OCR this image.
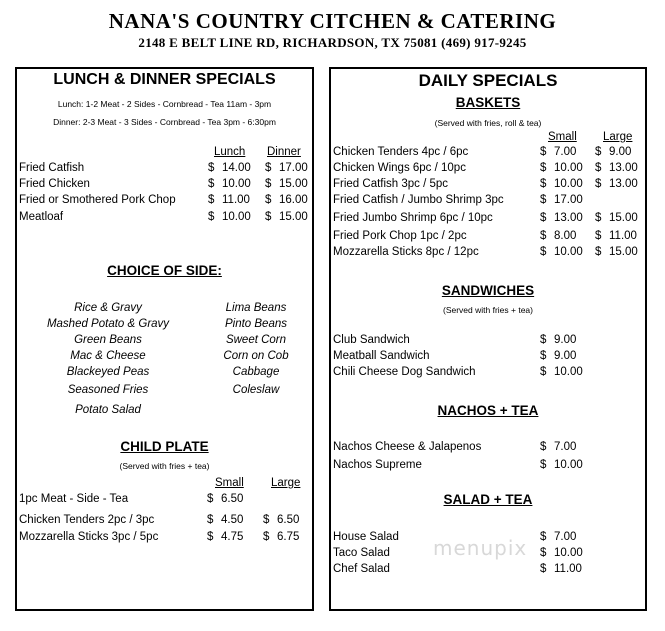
NANA'S COUNTRY CITCHEN & CATERING
2148 E BELT LINE RD, RICHARDSON, TX 75081 (469) 917-9245
LUNCH & DINNER SPECIALS
Lunch: 1-2 Meat - 2 Sides - Cornbread - Tea 11am - 3pm
Dinner: 2-3 Meat - 3 Sides - Cornbread - Tea 3pm - 6:30pm
Lunch Dinner
Fried Catfish	$ 14.00 $ 17.00
Fried Chicken	$ 10.00 $ 15.00
Fried or Smothered Pork Chop	$ 11.00 $ 16.00
Meatloaf	$ 10.00 $ 15.00
CHOICE OF SIDE:
Rice & Gravy
Mashed Potato & Gravy
Green Beans
Mac & Cheese
Blackeyed Peas
Seasoned Fries
Potato Salad
Lima Beans
Pinto Beans
Sweet Corn
Corn on Cob
Cabbage
Coleslaw
CHILD PLATE
(Served with fries + tea)
Small Large
1pc Meat - Side - Tea	$ 6.50
Chicken Tenders 2pc / 3pc	$ 4.50 $ 6.50
Mozzarella Sticks 3pc / 5pc	$ 4.75 $ 6.75
DAILY SPECIALS
BASKETS
(Served with fries, roll & tea)
Small Large
Chicken Tenders 4pc / 6pc	$ 7.00 $ 9.00
Chicken Wings 6pc / 10pc	$ 10.00 $ 13.00
Fried Catfish 3pc / 5pc	$ 10.00 $ 13.00
Fried Catfish / Jumbo Shrimp 3pc	$ 17.00
Fried Jumbo Shrimp 6pc / 10pc	$ 13.00 $ 15.00
Fried Pork Chop 1pc / 2pc	$ 8.00 $ 11.00
Mozzarella Sticks 8pc / 12pc	$ 10.00 $ 15.00
SANDWICHES
(Served with fries + tea)
Club Sandwich	$ 9.00
Meatball Sandwich	$ 9.00
Chili Cheese Dog Sandwich	$ 10.00
NACHOS + TEA
Nachos Cheese & Jalapenos	$ 7.00
Nachos Supreme	$ 10.00
SALAD + TEA
House Salad	$ 7.00
Taco Salad	$ 10.00
Chef Salad	$ 11.00
menupix
